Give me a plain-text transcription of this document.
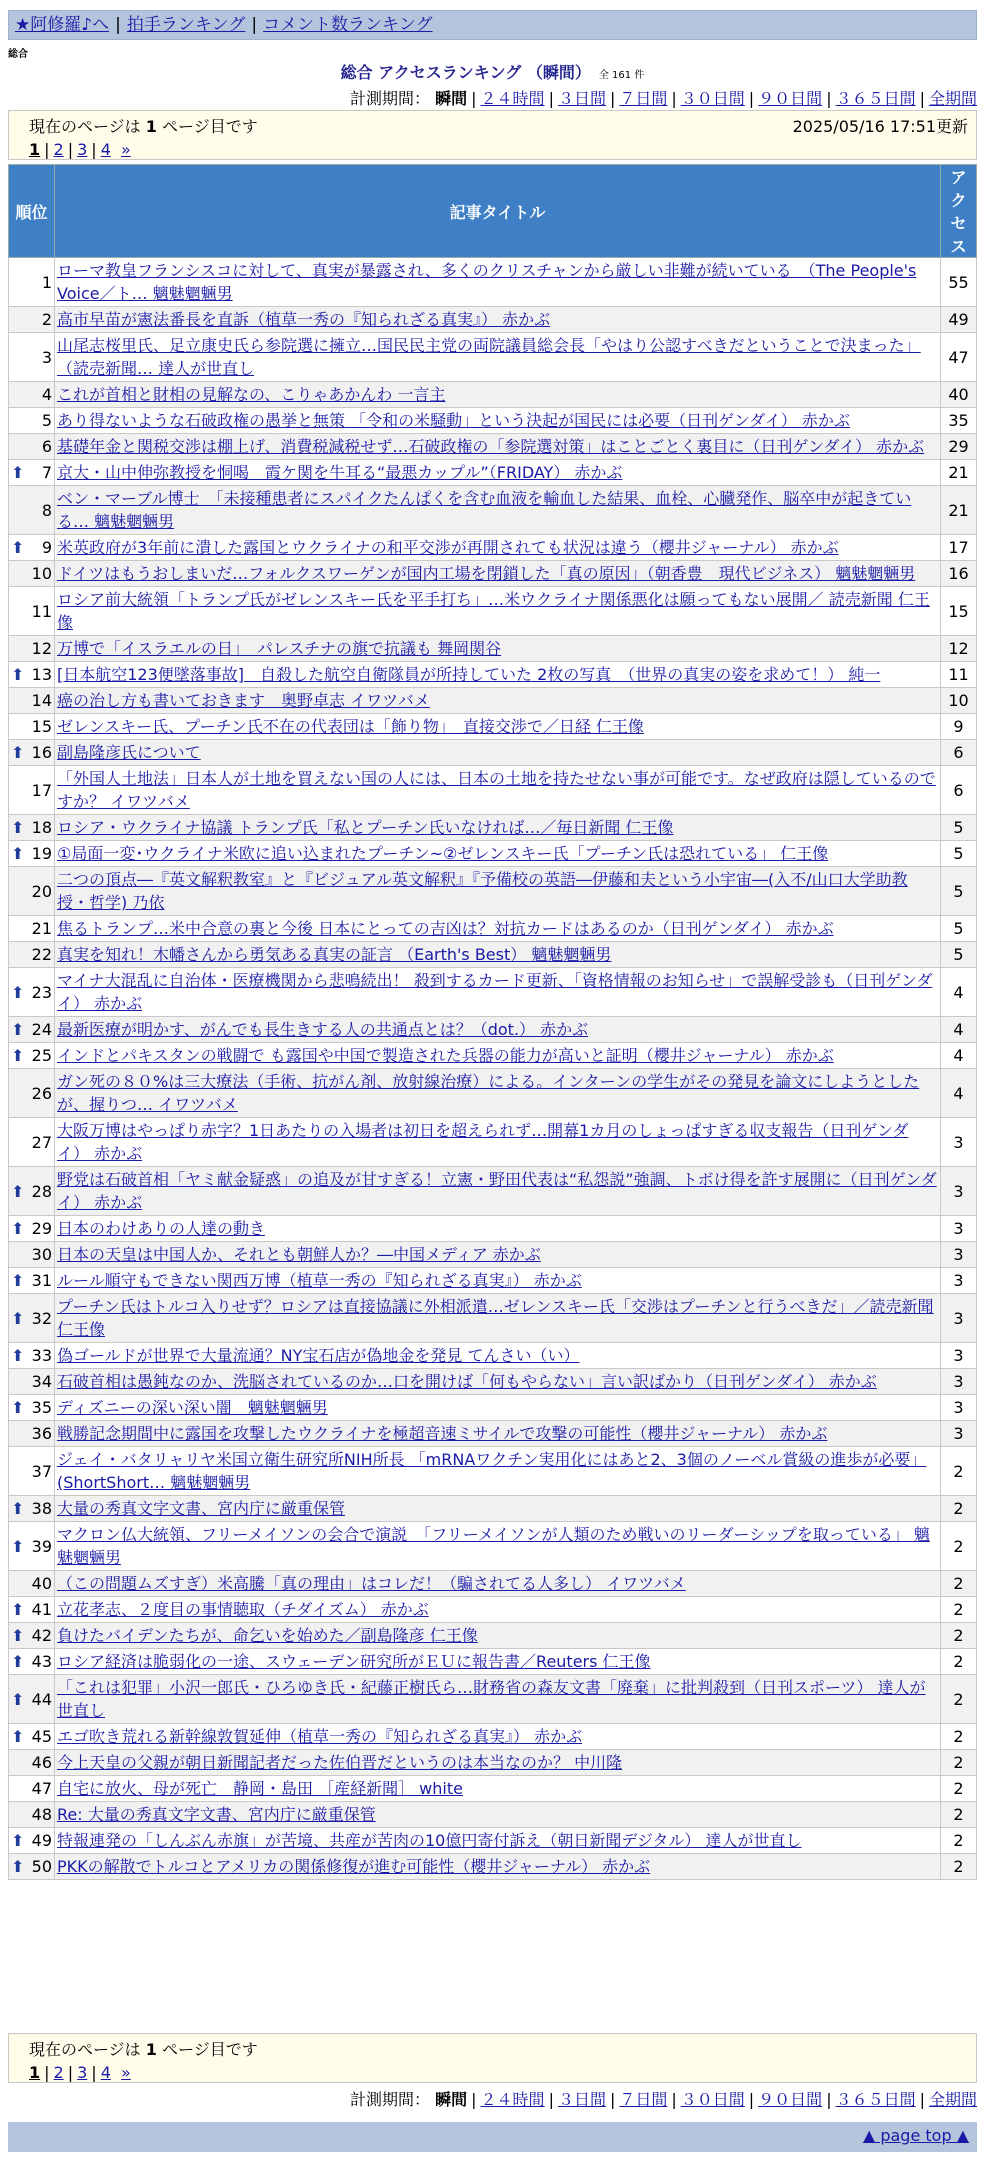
★阿修羅♪へ | 拍手ランキング | コメント数ランキング
総合
総合 アクセスランキング （瞬間） 全 161 件
計測期間： 瞬間 | ２４時間 | ３日間 | ７日間 | ３０日間 | ９０日間 | ３６５日間 | 全期間
現在のページは 1 ページ目です	2025/05/16 17:51更新
1 | 2 | 3 | 4 »
順位	記事タイトル	アクセス
1	ローマ教皇フランシスコに対して、真実が暴露され、多くのクリスチャンから厳しい非難が続いている　（The People's Voice／ト… 魑魅魍魎男	55
2	高市早苗が憲法番長を直訴（植草一秀の『知られざる真実』） 赤かぶ	49
3	山尾志桜里氏、足立康史氏ら参院選に擁立…国民民主党の両院議員総会長「やはり公認すべきだということで決まった」（読売新聞… 達人が世直し	47
4	これが首相と財相の見解なの、こりゃあかんわ 一言主	40
5	あり得ないような石破政権の愚挙と無策 「令和の米騒動」という決起が国民には必要（日刊ゲンダイ） 赤かぶ	35
6	基礎年金と関税交渉は棚上げ、消費税減税せず…石破政権の「参院選対策」はことごとく裏目に（日刊ゲンダイ） 赤かぶ	29

⬆ 7	京大・山中伸弥教授を恫喝　霞ケ関を牛耳る“最悪カップル”（FRIDAY） 赤かぶ	21
8	ベン・マーブル博士　「未接種患者にスパイクたんぱくを含む血液を輸血した結果、血栓、心臓発作、脳卒中が起きている… 魑魅魍魎男	21

⬆ 9	米英政府が3年前に潰した露国とウクライナの和平交渉が再開されても状況は違う（櫻井ジャーナル） 赤かぶ	17
10	ドイツはもうおしまいだ…フォルクスワーゲンが国内工場を閉鎖した「真の原因」（朝香豊　現代ビジネス） 魑魅魍魎男	16
11	ロシア前大統領「トランプ氏がゼレンスキー氏を平手打ち」…米ウクライナ関係悪化は願ってもない展開／ 読売新聞 仁王像	15
12	万博で「イスラエルの日」　パレスチナの旗で抗議も 舞岡関谷	12

⬆ 13	[日本航空123便墜落事故]　自殺した航空自衛隊員が所持していた 2枚の写真　（世界の真実の姿を求めて！） 純一	11
14	癌の治し方も書いておきます　奥野卓志 イワツバメ	10
15	ゼレンスキー氏、プーチン氏不在の代表団は「飾り物」　直接交渉で／日経 仁王像	9

⬆ 16	副島隆彦氏について	6
17	「外国人土地法」日本人が土地を買えない国の人には、日本の土地を持たせない事が可能です。なぜ政府は隠しているのですか？ イワツバメ	6

⬆ 18	ロシア・ウクライナ協議 トランプ氏「私とプーチン氏いなければ…／毎日新聞 仁王像	5

⬆ 19	①局面一変･ウクライナ米欧に追い込まれたプーチン~②ゼレンスキー氏「プーチン氏は恐れている」 仁王像	5
20	二つの頂点―『英文解釈教室』と『ビジュアル英文解釈』『予備校の英語―伊藤和夫という小宇宙―(入不/山口大学助教授・哲学) 乃依	5
21	焦るトランプ…米中合意の裏と今後 日本にとっての吉凶は？対抗カードはあるのか（日刊ゲンダイ） 赤かぶ	5
22	真実を知れ！木幡さんから勇気ある真実の証言 （Earth's Best） 魑魅魍魎男	5

⬆ 23	マイナ大混乱に自治体・医療機関から悲鳴続出！ 殺到するカード更新、「資格情報のお知らせ」で誤解受診も（日刊ゲンダイ） 赤かぶ	4

⬆ 24	最新医療が明かす、がんでも長生きする人の共通点とは？（dot.） 赤かぶ	4

⬆ 25	インドとパキスタンの戦闘で も露国や中国で製造された兵器の能力が高いと証明（櫻井ジャーナル） 赤かぶ	4
26	ガン死の８０%は三大療法（手術、抗がん剤、放射線治療）による。インターンの学生がその発見を論文にしようとしたが、握りつ… イワツバメ	4
27	大阪万博はやっぱり赤字？1日あたりの入場者は初日を超えられず…開幕1カ月のしょっぱすぎる収支報告（日刊ゲンダイ） 赤かぶ	3

⬆ 28	野党は石破首相「ヤミ献金疑惑」の追及が甘すぎる！立憲・野田代表は“私怨説”強調、トボけ得を許す展開に（日刊ゲンダイ） 赤かぶ	3

⬆ 29	日本のわけありの人達の動き	3
30	日本の天皇は中国人か、それとも朝鮮人か？―中国メディア 赤かぶ	3

⬆ 31	ルール順守もできない関西万博（植草一秀の『知られざる真実』） 赤かぶ	3

⬆ 32	プーチン氏はトルコ入りせず？ロシアは直接協議に外相派遣…ゼレンスキー氏「交渉はプーチンと行うべきだ」／読売新聞 仁王像	3

⬆ 33	偽ゴールドが世界で大量流通？NY宝石店が偽地金を発見 てんさい（い）	3
34	石破首相は愚鈍なのか、洗脳されているのか…口を開けば「何もやらない」言い訳ばかり（日刊ゲンダイ） 赤かぶ	3

⬆ 35	ディズニーの深い深い闇　魑魅魍魎男	3
36	戦勝記念期間中に露国を攻撃したウクライナを極超音速ミサイルで攻撃の可能性（櫻井ジャーナル） 赤かぶ	3
37	ジェイ・バタリャリヤ米国立衛生研究所NIH所長 「mRNAワクチン実用化にはあと2、3個のノーベル賞級の進歩が必要」(ShortShort… 魑魅魍魎男	2

⬆ 38	大量の秀真文字文書、宮内庁に厳重保管	2

⬆ 39	マクロン仏大統領、フリーメイソンの会合で演説　「フリーメイソンが人類のため戦いのリーダーシップを取っている」 魑魅魍魎男	2
40	（この問題ムズすぎ）米高騰「真の理由」はコレだ！（騙されてる人多し） イワツバメ	2

⬆ 41	立花孝志、２度目の事情聴取（チダイズム） 赤かぶ	2

⬆ 42	負けたバイデンたちが、命乞いを始めた／副島隆彦 仁王像	2

⬆ 43	ロシア経済は脆弱化の一途、スウェーデン研究所がＥＵに報告書／Reuters 仁王像	2

⬆ 44	「これは犯罪」小沢一郎氏・ひろゆき氏・紀藤正樹氏ら…財務省の森友文書「廃棄」に批判殺到（日刊スポーツ） 達人が世直し	2

⬆ 45	エゴ吹き荒れる新幹線敦賀延伸（植草一秀の『知られざる真実』） 赤かぶ	2
46	今上天皇の父親が朝日新聞記者だった佐伯晋だというのは本当なのか？ 中川隆	2
47	自宅に放火、母が死亡　静岡・島田 ［産経新聞］ white	2
48	Re: 大量の秀真文字文書、宮内庁に厳重保管	2

⬆ 49	特報連発の「しんぶん赤旗」が苦境、共産が苦肉の10億円寄付訴え（朝日新聞デジタル） 達人が世直し	2

⬆ 50	PKKの解散でトルコとアメリカの関係修復が進む可能性（櫻井ジャーナル） 赤かぶ	2
現在のページは 1 ページ目です
1 | 2 | 3 | 4 »
計測期間： 瞬間 | ２４時間 | ３日間 | ７日間 | ３０日間 | ９０日間 | ３６５日間 | 全期間
▲ page top ▲
